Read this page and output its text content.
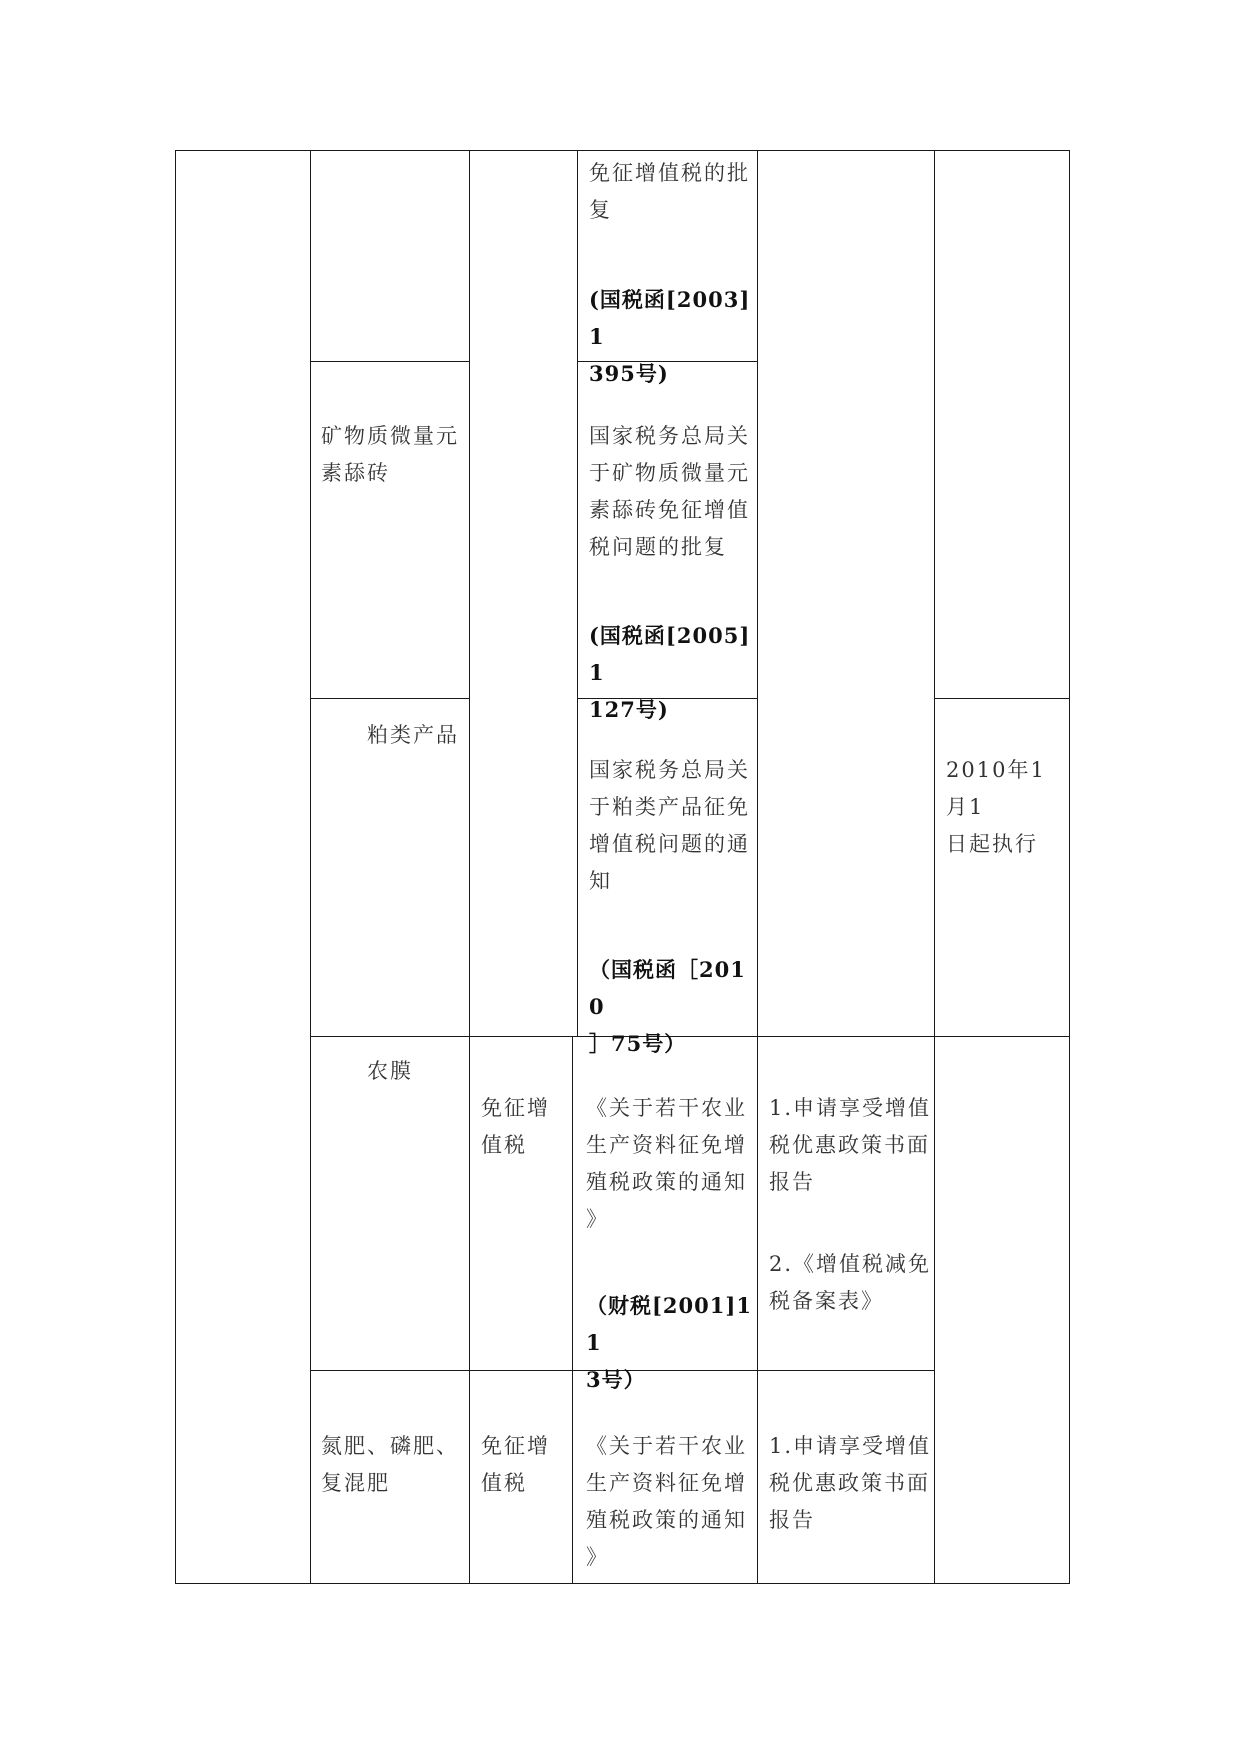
免征增值税的批
复
(国税函[2003]1
395号)
矿物质微量元
素舔砖
国家税务总局关
于矿物质微量元
素舔砖免征增值
税问题的批复
(国税函[2005]1
127号)
粕类产品
国家税务总局关
于粕类产品征免
增值税问题的通
知
（国税函［2010
］75号）
2010年1月1
日起执行
农膜
免征增
值税
《关于若干农业
生产资料征免增
殖税政策的通知
》
（财税[2001]11
3号）
1.申请享受增值
税优惠政策书面
报告
2.《增值税减免
税备案表》
氮肥、磷肥、
复混肥
免征增
值税
《关于若干农业
生产资料征免增
殖税政策的通知
》
1.申请享受增值
税优惠政策书面
报告
